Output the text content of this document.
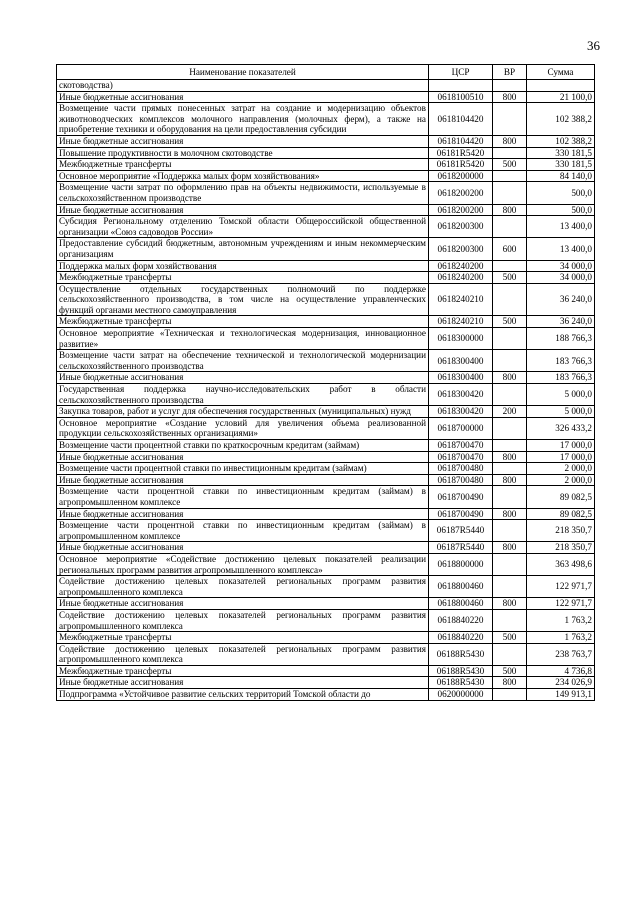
36
Наименование показателей	ЦСР	ВР	Сумма
скотоводства)			
Иные бюджетные ассигнования	0618100510	800	21 100,0
Возмещение части прямых понесенных затрат на создание и модернизацию объектов животноводческих комплексов молочного направления (молочных ферм), а также на приобретение техники и оборудования на цели предоставления субсидии	0618104420		102 388,2
Иные бюджетные ассигнования	0618104420	800	102 388,2
Повышение продуктивности в молочном скотоводстве	06181R5420		330 181,5
Межбюджетные трансферты	06181R5420	500	330 181,5
Основное мероприятие «Поддержка малых форм хозяйствования»	0618200000		84 140,0
Возмещение части затрат по оформлению прав на объекты недвижимости, используемые в сельскохозяйственном производстве	0618200200		500,0
Иные бюджетные ассигнования	0618200200	800	500,0
Субсидия Региональному отделению Томской области Общероссийской общественной организации «Союз садоводов России»	0618200300		13 400,0
Предоставление субсидий бюджетным, автономным учреждениям и иным некоммерческим организациям	0618200300	600	13 400,0
Поддержка малых форм хозяйствования	0618240200		34 000,0
Межбюджетные трансферты	0618240200	500	34 000,0
Осуществление отдельных государственных полномочий по поддержке сельскохозяйственного производства, в том числе на осуществление управленческих функций органами местного самоуправления	0618240210		36 240,0
Межбюджетные трансферты	0618240210	500	36 240,0
Основное мероприятие «Техническая и технологическая модернизация, инновационное развитие»	0618300000		188 766,3
Возмещение части затрат на обеспечение технической и технологической модернизации сельскохозяйственного производства	0618300400		183 766,3
Иные бюджетные ассигнования	0618300400	800	183 766,3
Государственная поддержка научно-исследовательских работ в области сельскохозяйственного производства	0618300420		5 000,0
Закупка товаров, работ и услуг для обеспечения государственных (муниципальных) нужд	0618300420	200	5 000,0
Основное мероприятие «Создание условий для увеличения объема реализованной продукции сельскохозяйственных организациями»	0618700000		326 433,2
Возмещение части процентной ставки по краткосрочным кредитам (займам)	0618700470		17 000,0
Иные бюджетные ассигнования	0618700470	800	17 000,0
Возмещение части процентной ставки по инвестиционным кредитам (займам)	0618700480		2 000,0
Иные бюджетные ассигнования	0618700480	800	2 000,0
Возмещение части процентной ставки по инвестиционным кредитам (займам) в агропромышленном комплексе	0618700490		89 082,5
Иные бюджетные ассигнования	0618700490	800	89 082,5
Возмещение части процентной ставки по инвестиционным кредитам (займам) в агропромышленном комплексе	06187R5440		218 350,7
Иные бюджетные ассигнования	06187R5440	800	218 350,7
Основное мероприятие «Содействие достижению целевых показателей реализации региональных программ развития агропромышленного комплекса»	0618800000		363 498,6
Содействие достижению целевых показателей региональных программ развития агропромышленного комплекса	0618800460		122 971,7
Иные бюджетные ассигнования	0618800460	800	122 971,7
Содействие достижению целевых показателей региональных программ развития агропромышленного комплекса	0618840220		1 763,2
Межбюджетные трансферты	0618840220	500	1 763,2
Содействие достижению целевых показателей региональных программ развития агропромышленного комплекса	06188R5430		238 763,7
Межбюджетные трансферты	06188R5430	500	4 736,8
Иные бюджетные ассигнования	06188R5430	800	234 026,9
Подпрограмма «Устойчивое развитие сельских территорий Томской области до	0620000000		149 913,1
